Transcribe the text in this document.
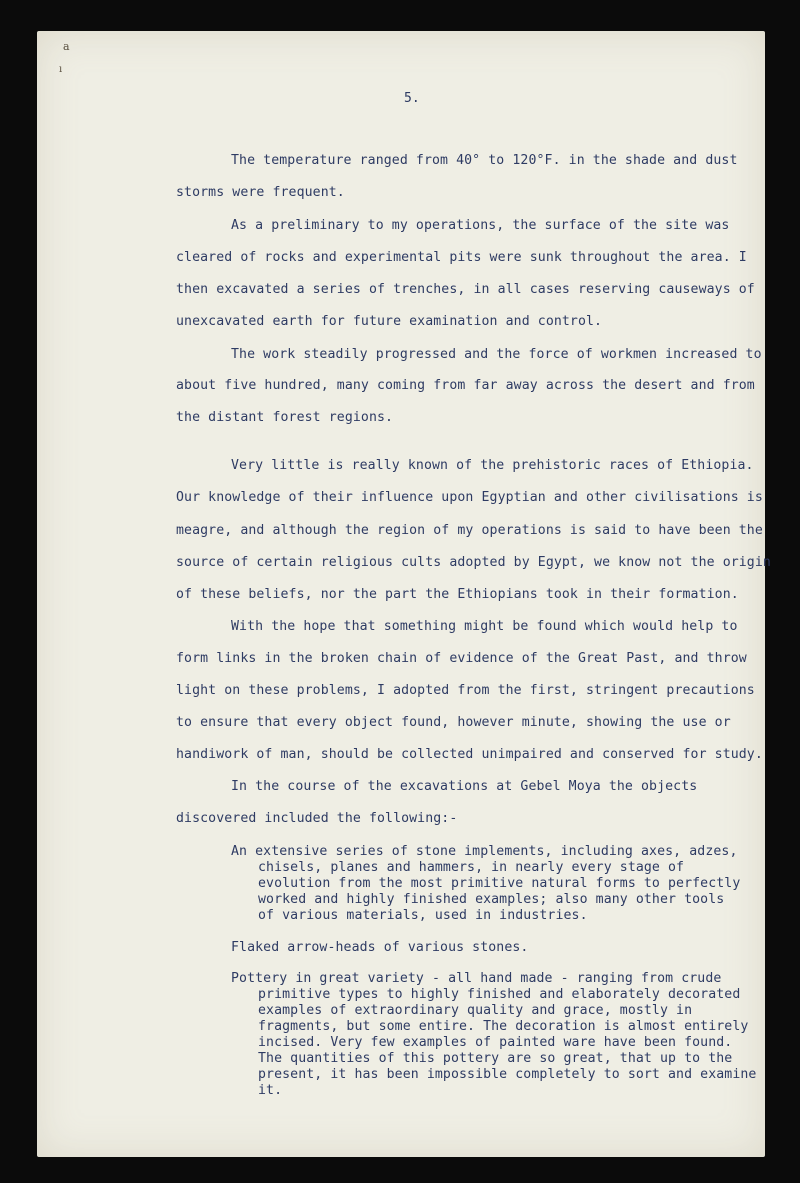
a
ı
5.

The temperature ranged from 40° to 120°F. in the shade and dust

storms were frequent.

As a preliminary to my operations, the surface of the site was

cleared of rocks and experimental pits were sunk throughout the area. I

then excavated a series of trenches, in all cases reserving causeways of

unexcavated earth for future examination and control.

The work steadily progressed and the force of workmen increased to

about five hundred, many coming from far away across the desert and from

the distant forest regions.

Very little is really known of the prehistoric races of Ethiopia.

Our knowledge of their influence upon Egyptian and other civilisations is

meagre, and although the region of my operations is said to have been the

source of certain religious cults adopted by Egypt, we know not the origin

of these beliefs, nor the part the Ethiopians took in their formation.

With the hope that something might be found which would help to

form links in the broken chain of evidence of the Great Past, and throw

light on these problems, I adopted from the first, stringent precautions

to ensure that every object found, however minute, showing the use or

handiwork of man, should be collected unimpaired and conserved for study.

In the course of the excavations at Gebel Moya the objects

discovered included the following:-

An extensive series of stone implements, including axes, adzes,

chisels, planes and hammers, in nearly every stage of

evolution from the most primitive natural forms to perfectly

worked and highly finished examples; also many other tools

of various materials, used in industries.

Flaked arrow-heads of various stones.

Pottery in great variety - all hand made - ranging from crude

primitive types to highly finished and elaborately decorated

examples of extraordinary quality and grace, mostly in

fragments, but some entire. The decoration is almost entirely

incised. Very few examples of painted ware have been found.

The quantities of this pottery are so great, that up to the

present, it has been impossible completely to sort and examine

it.
